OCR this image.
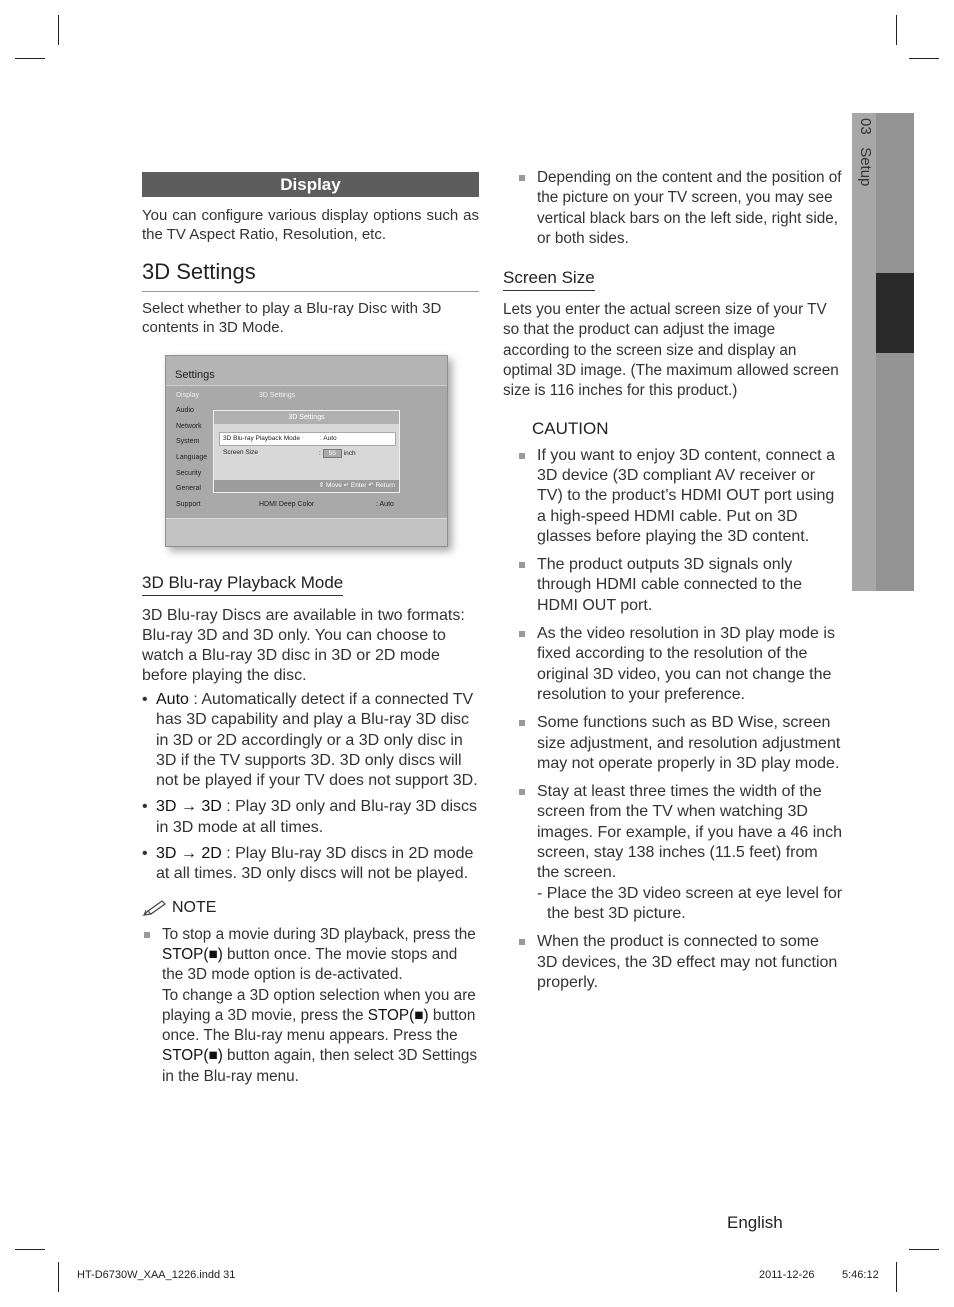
03   Setup
Display

You can configure various display options such as the TV Aspect Ratio, Resolution, etc.

3D Settings

Select whether to play a Blu-ray Disc with 3D contents in 3D Mode.

Settings
Display
Audio
Network
System
Language
Security
General
Support
3D Settings
3D Settings
3D Blu-ray Playback Mode	: Auto
Screen Size	: 55 inch
⇕ Move ↵ Enter ↶ Return
HDMI Deep Color	: Auto
3D Blu-ray Playback Mode

3D Blu-ray Discs are available in two formats: Blu-ray 3D and 3D only. You can choose to watch a Blu-ray 3D disc in 3D or 2D mode before playing the disc.

• Auto : Automatically detect if a connected TV has 3D capability and play a Blu-ray 3D disc in 3D or 2D accordingly or a 3D only disc in 3D if the TV supports 3D. 3D only discs will not be played if your TV does not support 3D.
• 3D → 3D : Play 3D only and Blu-ray 3D discs in 3D mode at all times.
• 3D → 2D : Play Blu-ray 3D discs in 2D mode at all times. 3D only discs will not be played.
NOTE
To stop a movie during 3D playback, press the STOP(■) button once. The movie stops and the 3D mode option is de-activated.
To change a 3D option selection when you are playing a 3D movie, press the STOP(■) button once. The Blu-ray menu appears. Press the STOP(■) button again, then select 3D Settings in the Blu-ray menu.
Depending on the content and the position of the picture on your TV screen, you may see vertical black bars on the left side, right side, or both sides.
Screen Size

Lets you enter the actual screen size of your TV so that the product can adjust the image according to the screen size and display an optimal 3D image. (The maximum allowed screen size is 116 inches for this product.)

CAUTION
If you want to enjoy 3D content, connect a 3D device (3D compliant AV receiver or TV) to the product’s HDMI OUT port using a high-speed HDMI cable. Put on 3D glasses before playing the 3D content.
The product outputs 3D signals only through HDMI cable connected to the HDMI OUT port.
As the video resolution in 3D play mode is fixed according to the resolution of the original 3D video, you can not change the resolution to your preference.
Some functions such as BD Wise, screen size adjustment, and resolution adjustment may not operate properly in 3D play mode.
Stay at least three times the width of the screen from the TV when watching 3D images. For example, if you have a 46 inch screen, stay 138 inches (11.5 feet) from the screen.

- Place the 3D video screen at eye level for the best 3D picture.
When the product is connected to some 3D devices, the 3D effect may not function properly.
English
HT-D6730W_XAA_1226.indd 31	2011-12-26	5:46:12
